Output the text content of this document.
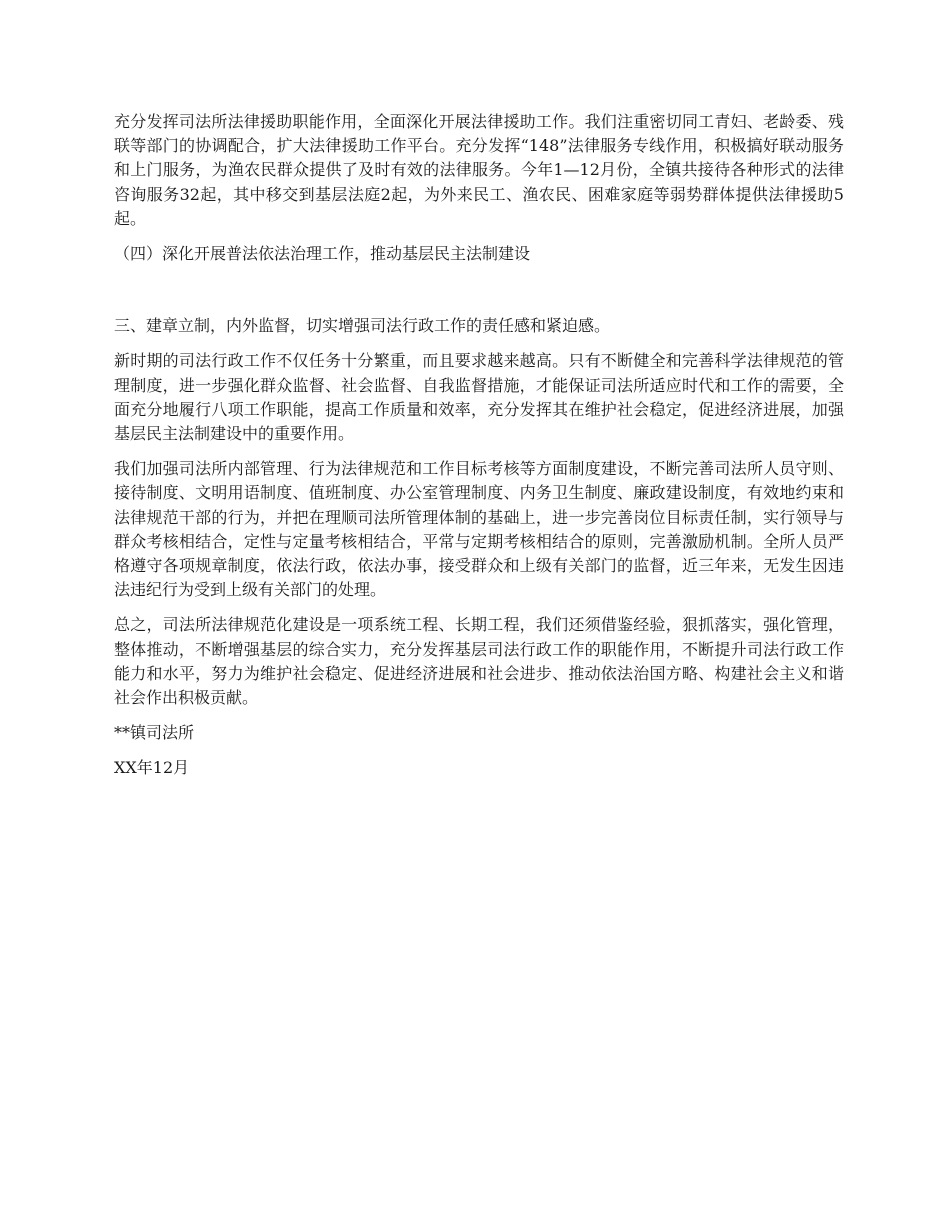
充分发挥司法所法律援助职能作用，全面深化开展法律援助工作。我们注重密切同工青妇、老龄委、残联等部门的协调配合，扩大法律援助工作平台。充分发挥“148”法律服务专线作用，积极搞好联动服务和上门服务，为渔农民群众提供了及时有效的法律服务。今年1—12月份，全镇共接待各种形式的法律咨询服务32起，其中移交到基层法庭2起，为外来民工、渔农民、困难家庭等弱势群体提供法律援助5起。

（四）深化开展普法依法治理工作，推动基层民主法制建设

三、建章立制，内外监督，切实增强司法行政工作的责任感和紧迫感。

新时期的司法行政工作不仅任务十分繁重，而且要求越来越高。只有不断健全和完善科学法律规范的管理制度，进一步强化群众监督、社会监督、自我监督措施，才能保证司法所适应时代和工作的需要，全面充分地履行八项工作职能，提高工作质量和效率，充分发挥其在维护社会稳定，促进经济进展，加强基层民主法制建设中的重要作用。

我们加强司法所内部管理、行为法律规范和工作目标考核等方面制度建设，不断完善司法所人员守则、接待制度、文明用语制度、值班制度、办公室管理制度、内务卫生制度、廉政建设制度，有效地约束和法律规范干部的行为，并把在理顺司法所管理体制的基础上，进一步完善岗位目标责任制，实行领导与群众考核相结合，定性与定量考核相结合，平常与定期考核相结合的原则，完善激励机制。全所人员严格遵守各项规章制度，依法行政，依法办事，接受群众和上级有关部门的监督，近三年来，无发生因违法违纪行为受到上级有关部门的处理。

总之，司法所法律规范化建设是一项系统工程、长期工程，我们还须借鉴经验，狠抓落实，强化管理，整体推动，不断增强基层的综合实力，充分发挥基层司法行政工作的职能作用，不断提升司法行政工作能力和水平，努力为维护社会稳定、促进经济进展和社会进步、推动依法治国方略、构建社会主义和谐社会作出积极贡献。

**镇司法所

XX年12月
